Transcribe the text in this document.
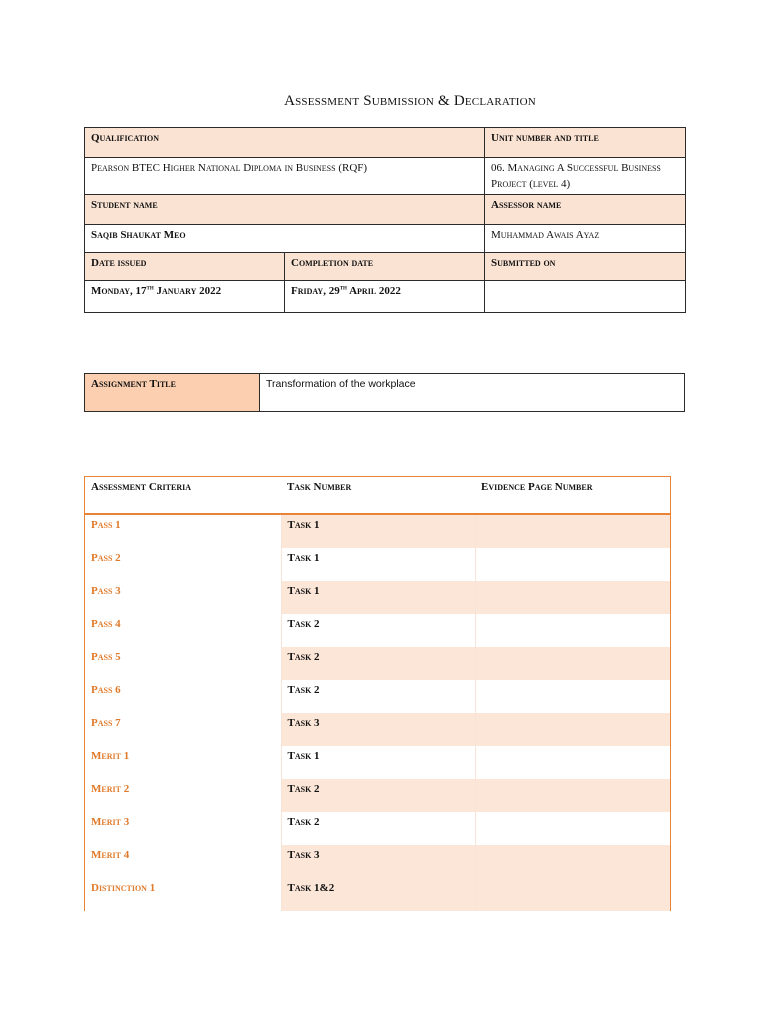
Assessment Submission & Declaration
Qualification		Unit number and title
Pearson BTEC Higher National Diploma in Business (RQF)		06. Managing A Successful Business Project (level 4)
Student name		Assessor name
Saqib Shaukat Meo		Muhammad Awais Ayaz
Date issued	Completion date	Submitted on
Monday, 17th January 2022	Friday, 29th April 2022	
Assignment Title	Transformation of the workplace
Assessment Criteria	Task Number	Evidence Page Number
Pass 1	Task 1	
Pass 2	Task 1	
Pass 3	Task 1	
Pass 4	Task 2	
Pass 5	Task 2	
Pass 6	Task 2	
Pass 7	Task 3	
Merit 1	Task 1	
Merit 2	Task 2	
Merit 3	Task 2	
Merit 4	Task 3	
Distinction 1	Task 1&2	
